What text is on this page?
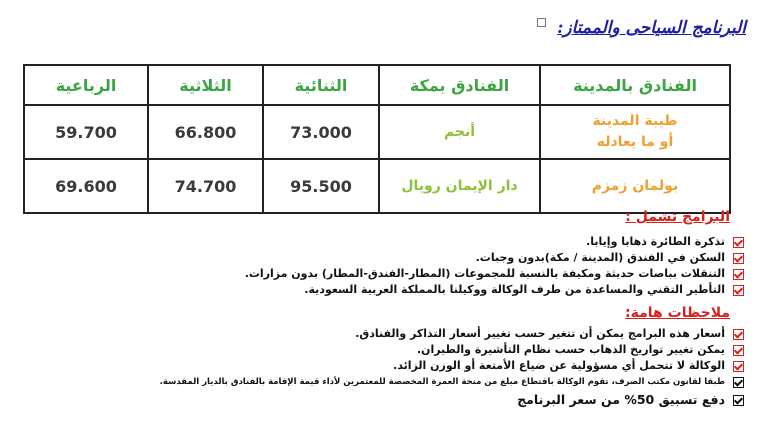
البرنامج السياحى والممتاز:
الفنادق بالمدينة	الفنادق بمكة	الثنائية	الثلاثية	الرباعية

طيبة المدينة
أو ما يعادله	أنجم	73.000	66.800	59.700

بولمان زمزم	دار الإيمان رويال	95.500	74.700	69.600
البرامج تشمل :
تذكرة الطائرة ذهابا وإيابا.
السكن في الفندق (المدينة / مكة)بدون وجبات.
التنقلات بباصات حديثة ومكيفة بالنسبة للمجموعات (المطار-الفندق-المطار) بدون مزارات.
التأطير التقني والمساعدة من طرف الوكالة ووكيلنا بالمملكة العربية السعودية.
ملاحظات هامة:
أسعار هذه البرامج يمكن أن تتغير حسب تغيير أسعار التذاكر والفنادق.
يمكن تغيير تواريخ الذهاب حسب نظام التأشيرة والطيران.
الوكالة لا تتحمل أي مسؤولية عن ضياع الأمتعة أو الوزن الزائد.
طبقا لقانون مكتب الصرف، تقوم الوكالة باقتطاع مبلغ من منحة العمرة المخصصة للمعتمرين لأداء قيمة الإقامة بالفنادق بالديار المقدسة.
دفع تسبيق 50% من سعر البرنامج
